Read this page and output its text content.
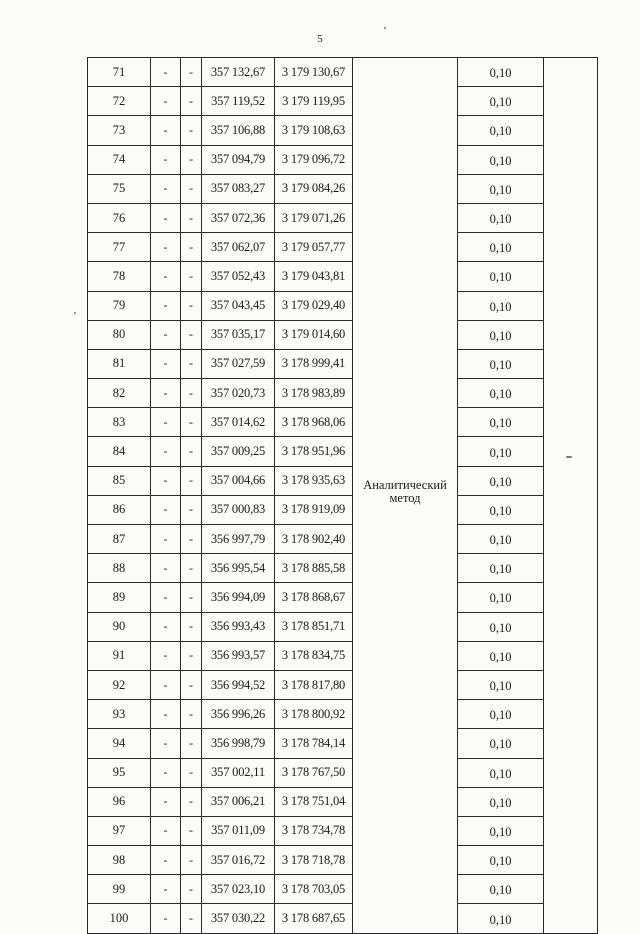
5
71	-	-	357 132,67	3 179 130,67	Аналитический метод	0,10	
72	-	-	357 119,52	3 179 119,95		0,10	
73	-	-	357 106,88	3 179 108,63		0,10	
74	-	-	357 094,79	3 179 096,72		0,10	
75	-	-	357 083,27	3 179 084,26		0,10	
76	-	-	357 072,36	3 179 071,26		0,10	
77	-	-	357 062,07	3 179 057,77		0,10	
78	-	-	357 052,43	3 179 043,81		0,10	
79	-	-	357 043,45	3 179 029,40		0,10	
80	-	-	357 035,17	3 179 014,60		0,10	
81	-	-	357 027,59	3 178 999,41		0,10	
82	-	-	357 020,73	3 178 983,89		0,10	
83	-	-	357 014,62	3 178 968,06		0,10	
84	-	-	357 009,25	3 178 951,96		0,10	
85	-	-	357 004,66	3 178 935,63		0,10	
86	-	-	357 000,83	3 178 919,09		0,10	
87	-	-	356 997,79	3 178 902,40		0,10	
88	-	-	356 995,54	3 178 885,58		0,10	
89	-	-	356 994,09	3 178 868,67		0,10	
90	-	-	356 993,43	3 178 851,71		0,10	
91	-	-	356 993,57	3 178 834,75		0,10	
92	-	-	356 994,52	3 178 817,80		0,10	
93	-	-	356 996,26	3 178 800,92		0,10	
94	-	-	356 998,79	3 178 784,14		0,10	
95	-	-	357 002,11	3 178 767,50		0,10	
96	-	-	357 006,21	3 178 751,04		0,10	
97	-	-	357 011,09	3 178 734,78		0,10	
98	-	-	357 016,72	3 178 718,78		0,10	
99	-	-	357 023,10	3 178 703,05		0,10	
100	-	-	357 030,22	3 178 687,65		0,10	
